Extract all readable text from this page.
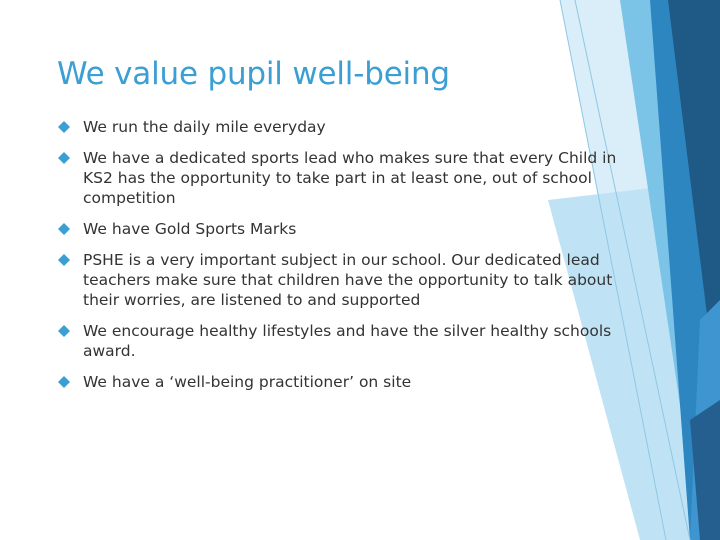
We value pupil well-being
We run the daily mile everyday
We have a dedicated sports lead who makes sure that every Child in KS2 has the opportunity to take part in at least one, out of school competition
We have Gold Sports Marks
PSHE is a very important subject in our school. Our dedicated lead teachers make sure that children have the opportunity to talk about their worries, are listened to and supported
We encourage healthy lifestyles and have the silver healthy schools award.
We have a ‘well-being practitioner’ on site
